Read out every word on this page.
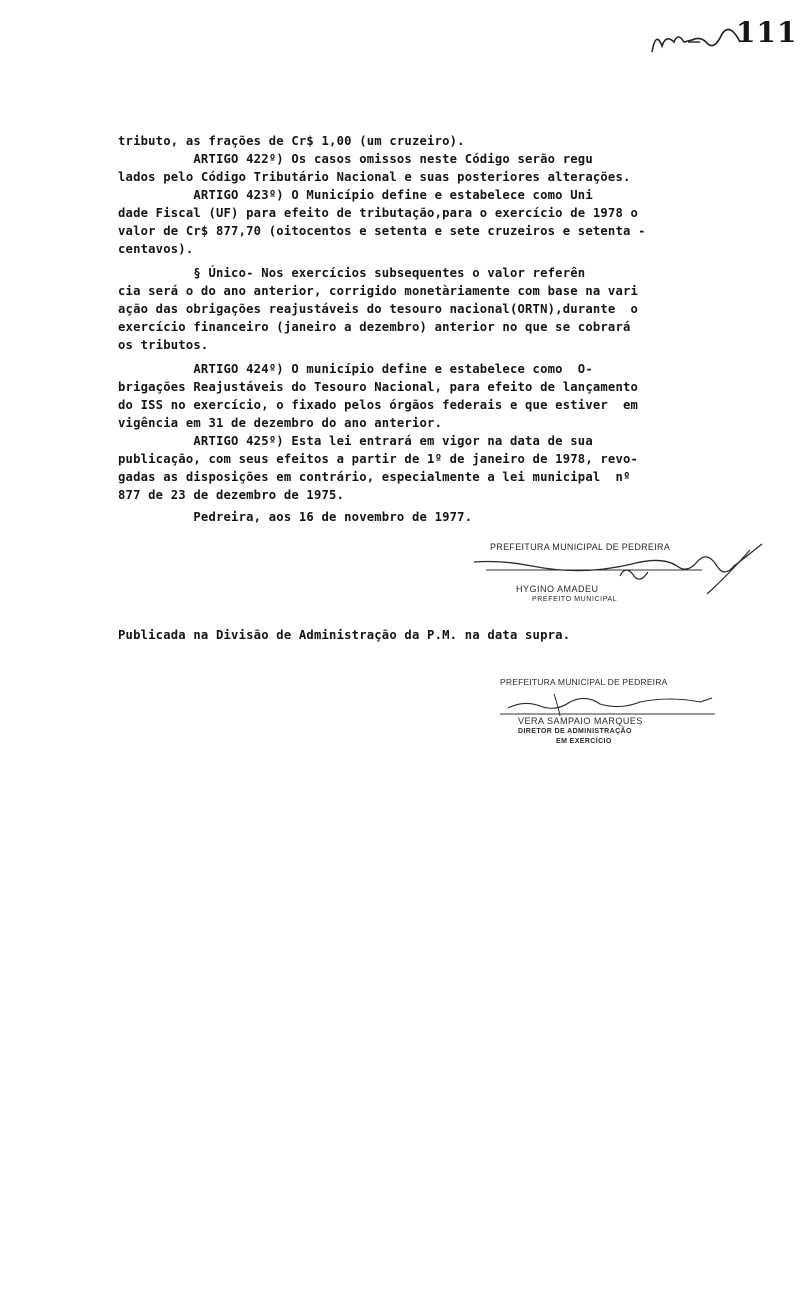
111
tributo, as frações de Cr$ 1,00 (um cruzeiro).
ARTIGO 422º) Os casos omissos neste Código serão regu
lados pelo Código Tributário Nacional e suas posteriores alterações.
ARTIGO 423º) O Município define e estabelece como Uni
dade Fiscal (UF) para efeito de tributação,para o exercício de 1978 o
valor de Cr$ 877,70 (oitocentos e setenta e sete cruzeiros e setenta -
centavos).
§ Único- Nos exercícios subsequentes o valor referên
cia será o do ano anterior, corrigido monetàriamente com base na vari
ação das obrigações reajustáveis do tesouro nacional(ORTN),durante  o
exercício financeiro (janeiro a dezembro) anterior no que se cobrará
os tributos.
ARTIGO 424º) O município define e estabelece como  O-
brigações Reajustáveis do Tesouro Nacional, para efeito de lançamento
do ISS no exercício, o fixado pelos órgãos federais e que estiver  em
vigência em 31 de dezembro do ano anterior.
ARTIGO 425º) Esta lei entrará em vigor na data de sua
publicação, com seus efeitos a partir de 1º de janeiro de 1978, revo-
gadas as disposições em contrário, especialmente a lei municipal  nº
877 de 23 de dezembro de 1975.
Pedreira, aos 16 de novembro de 1977.
PREFEITURA MUNICIPAL DE PEDREIRA
HYGINO AMADEU
PREFEITO MUNICIPAL
Publicada na Divisão de Administração da P.M. na data supra.
PREFEITURA MUNICIPAL DE PEDREIRA
VERA SAMPAIO MARQUES
DIRETOR DE ADMINISTRAÇÃO
EM EXERCÍCIO
